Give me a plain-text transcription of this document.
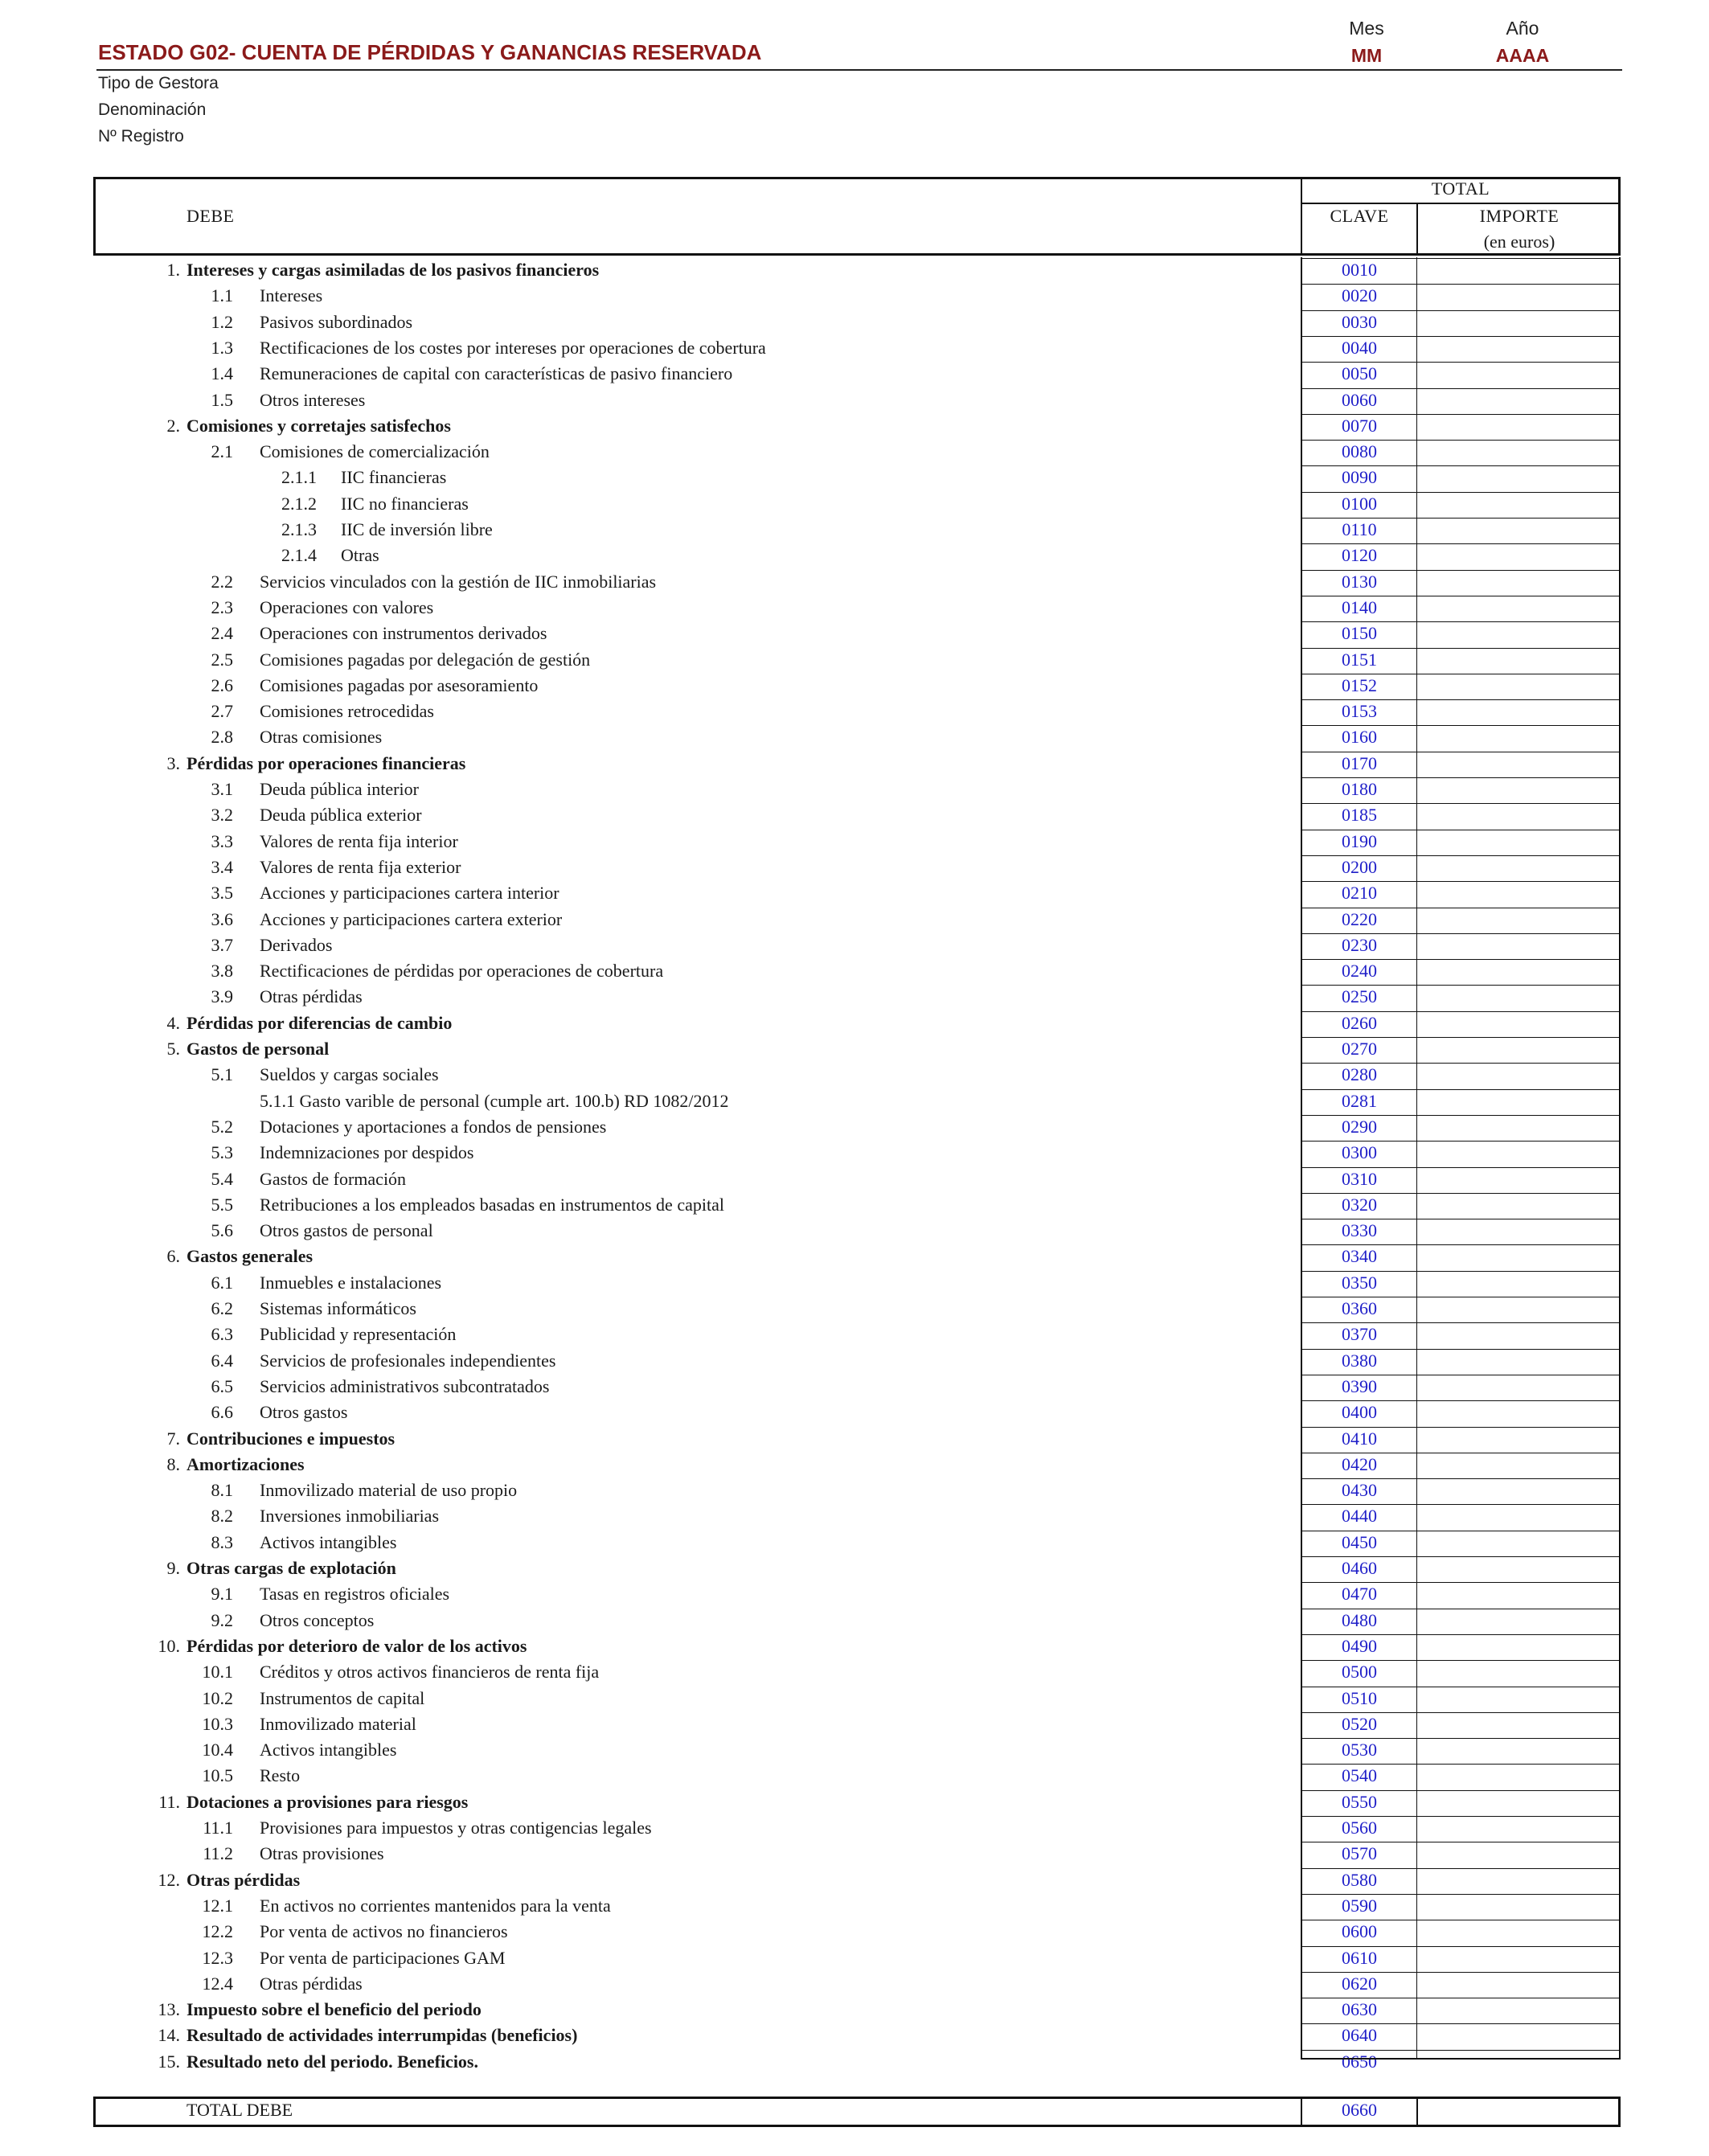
ESTADO G02- CUENTA DE PÉRDIDAS Y GANANCIAS RESERVADA
Mes	Año
MM	AAAA
Tipo de Gestora
Denominación
Nº Registro
DEBE
TOTAL
CLAVE	IMPORTE
(en euros)
1. Intereses y cargas asimiladas de los pasivos financieros	0010
1.1 Intereses	0020
1.2 Pasivos subordinados	0030
1.3 Rectificaciones de los costes por intereses por operaciones de cobertura	0040
1.4 Remuneraciones de capital con características de pasivo financiero	0050
1.5 Otros intereses	0060
2. Comisiones y corretajes satisfechos	0070
2.1 Comisiones de comercialización	0080
2.1.1 IIC financieras	0090
2.1.2 IIC no financieras	0100
2.1.3 IIC de inversión libre	0110
2.1.4 Otras	0120
2.2 Servicios vinculados con la gestión de IIC inmobiliarias	0130
2.3 Operaciones con valores	0140
2.4 Operaciones con instrumentos derivados	0150
2.5 Comisiones pagadas por delegación de gestión	0151
2.6 Comisiones pagadas por asesoramiento	0152
2.7 Comisiones retrocedidas	0153
2.8 Otras comisiones	0160
3. Pérdidas por operaciones financieras	0170
3.1 Deuda pública interior	0180
3.2 Deuda pública exterior	0185
3.3 Valores de renta fija interior	0190
3.4 Valores de renta fija exterior	0200
3.5 Acciones y participaciones cartera interior	0210
3.6 Acciones y participaciones cartera exterior	0220
3.7 Derivados	0230
3.8 Rectificaciones de pérdidas por operaciones de cobertura	0240
3.9 Otras pérdidas	0250
4. Pérdidas por diferencias de cambio	0260
5. Gastos de personal	0270
5.1 Sueldos y cargas sociales	0280
5.1.1 Gasto varible de personal (cumple art. 100.b) RD 1082/2012	0281
5.2 Dotaciones y aportaciones a fondos de pensiones	0290
5.3 Indemnizaciones por despidos	0300
5.4 Gastos de formación	0310
5.5 Retribuciones a los empleados basadas en instrumentos de capital	0320
5.6 Otros gastos de personal	0330
6. Gastos generales	0340
6.1 Inmuebles e instalaciones	0350
6.2 Sistemas informáticos	0360
6.3 Publicidad y representación	0370
6.4 Servicios de profesionales independientes	0380
6.5 Servicios administrativos subcontratados	0390
6.6 Otros gastos	0400
7. Contribuciones e impuestos	0410
8. Amortizaciones	0420
8.1 Inmovilizado material de uso propio	0430
8.2 Inversiones inmobiliarias	0440
8.3 Activos intangibles	0450
9. Otras cargas de explotación	0460
9.1 Tasas en registros oficiales	0470
9.2 Otros conceptos	0480
10. Pérdidas por deterioro de valor de los activos	0490
10.1 Créditos y otros activos financieros de renta fija	0500
10.2 Instrumentos de capital	0510
10.3 Inmovilizado material	0520
10.4 Activos intangibles	0530
10.5 Resto	0540
11. Dotaciones a provisiones para riesgos	0550
11.1 Provisiones para impuestos y otras contigencias legales	0560
11.2 Otras provisiones	0570
12. Otras pérdidas	0580
12.1 En activos no corrientes mantenidos para la venta	0590
12.2 Por venta de activos no financieros	0600
12.3 Por venta de participaciones GAM	0610
12.4 Otras pérdidas	0620
13. Impuesto sobre el beneficio del periodo	0630
14. Resultado de actividades interrumpidas (beneficios)	0640
15. Resultado neto del periodo. Beneficios.	0650
TOTAL DEBE	0660
